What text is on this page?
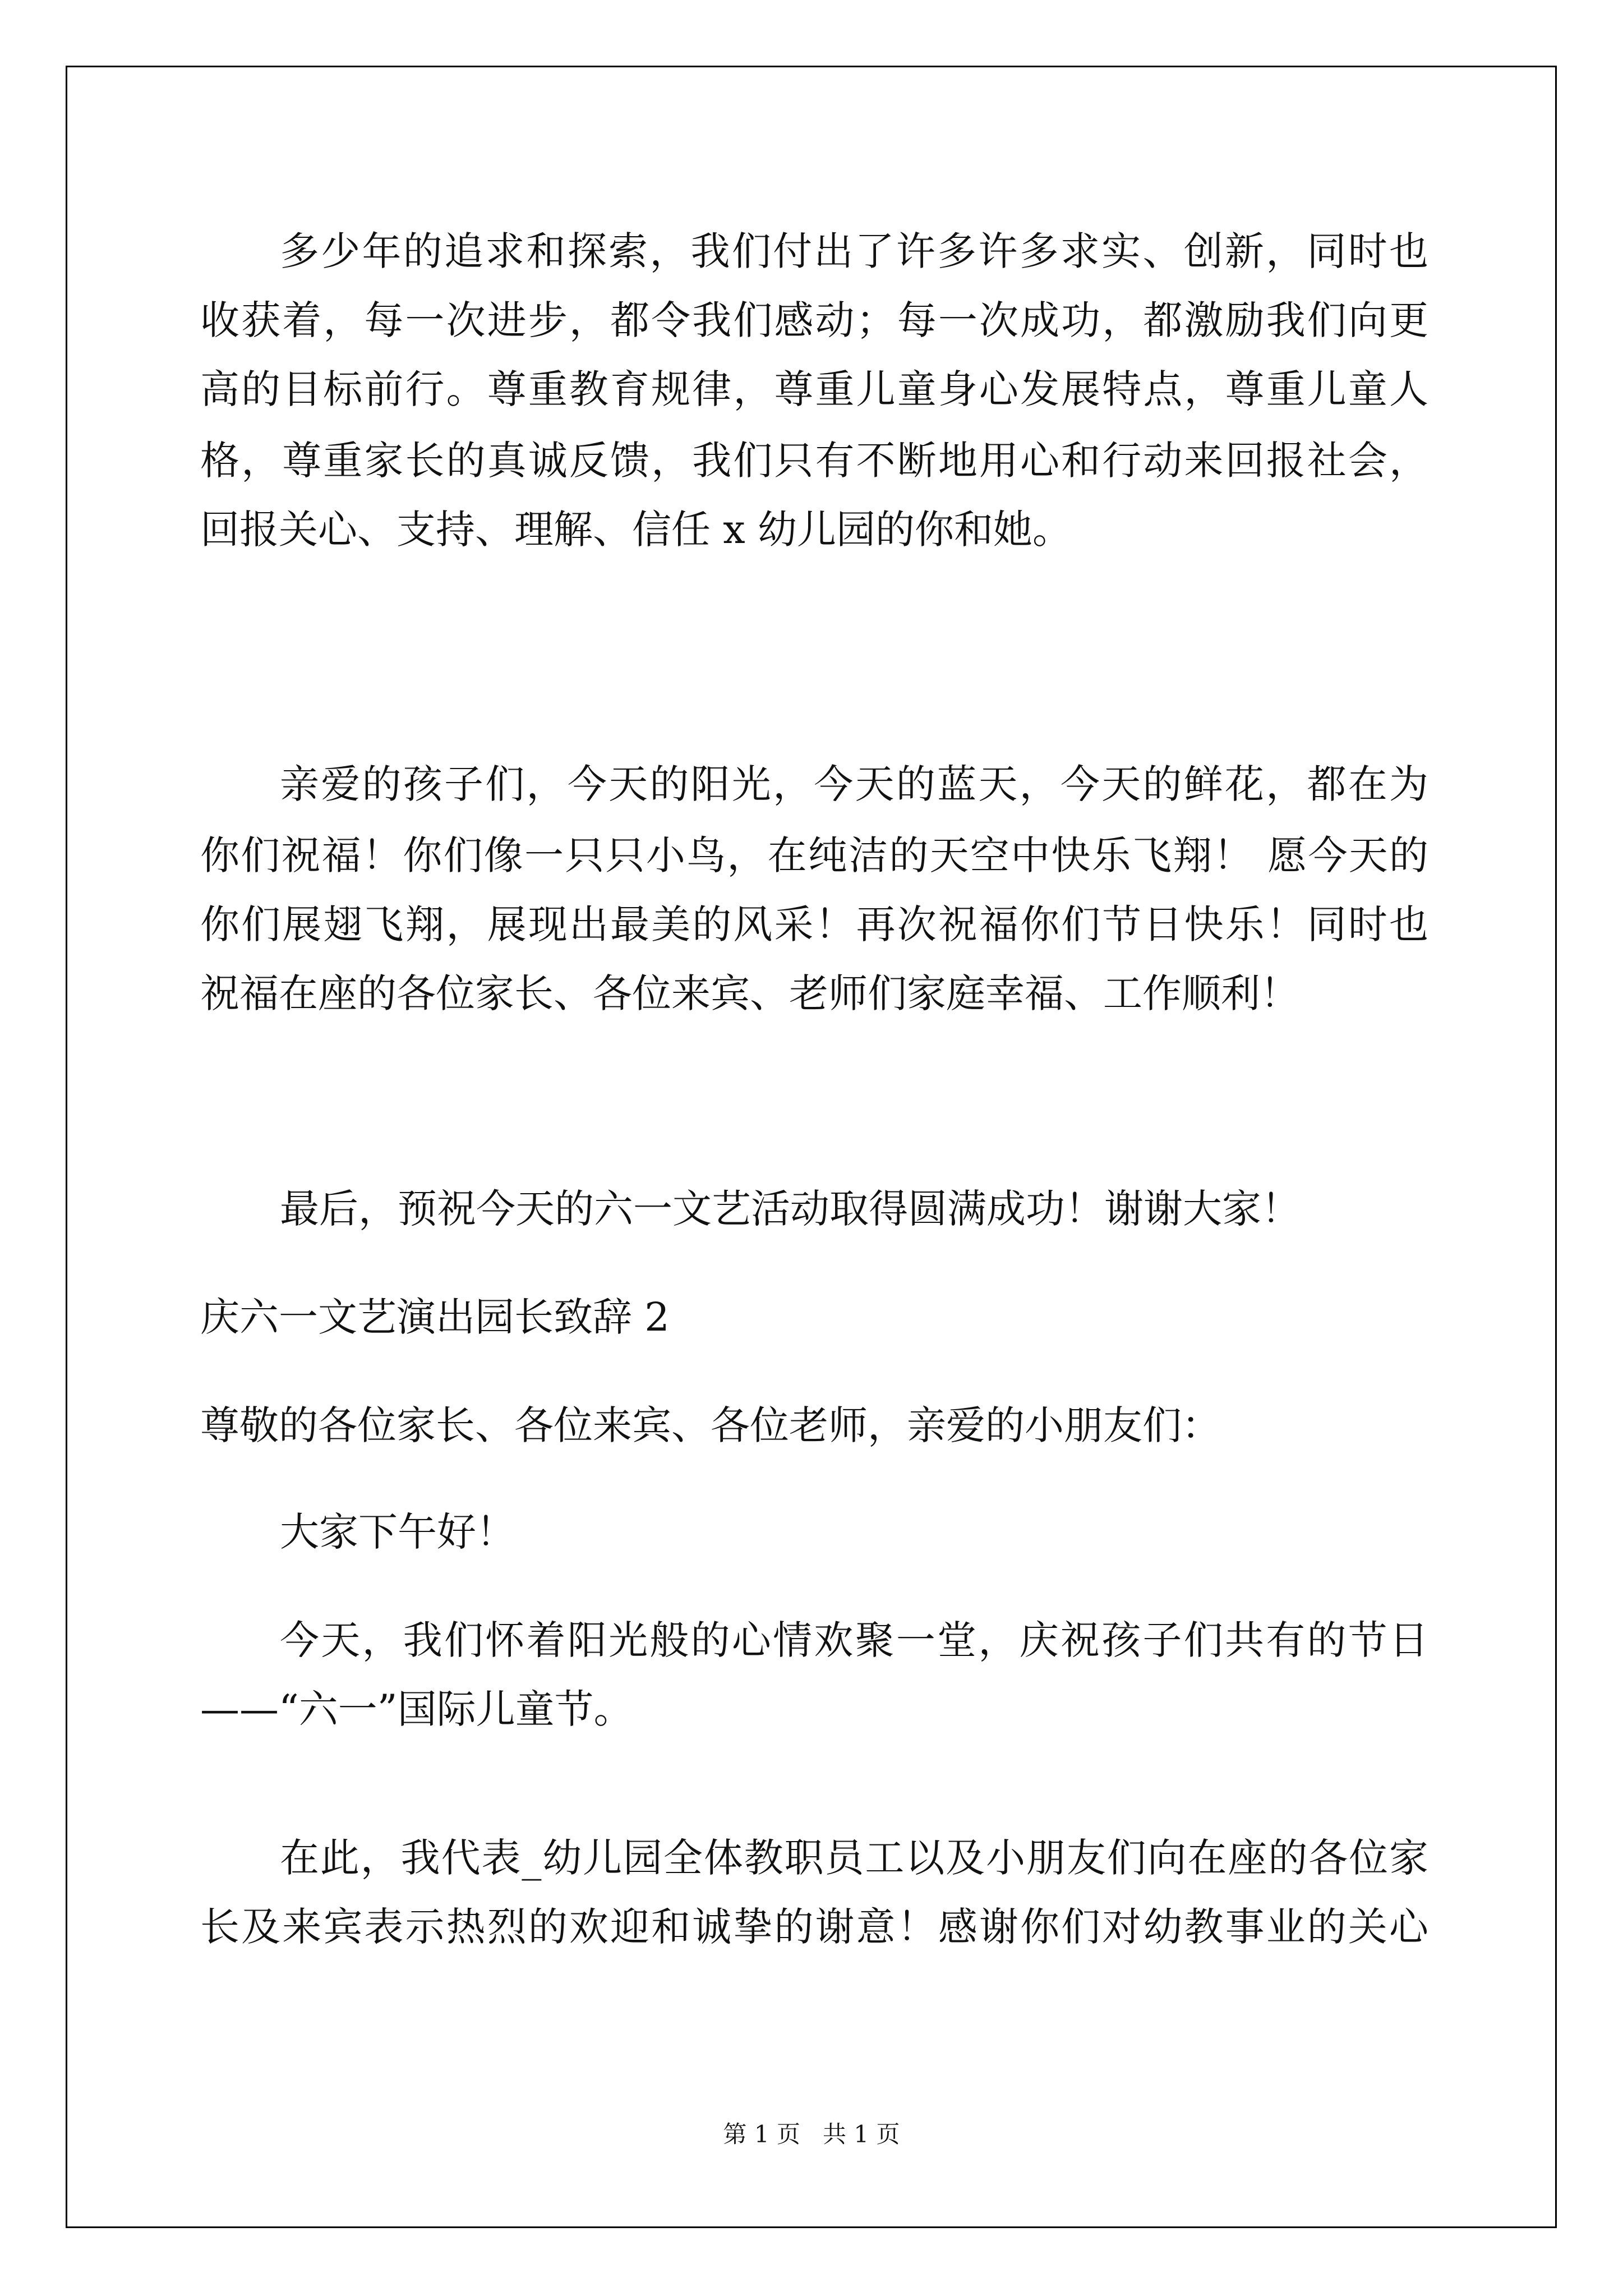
多少年的追求和探索，我们付出了许多许多求实、创新，同时也
收获着，每一次进步，都令我们感动；每一次成功，都激励我们向更
高的目标前行。尊重教育规律，尊重儿童身心发展特点，尊重儿童人
格，尊重家长的真诚反馈，我们只有不断地用心和行动来回报社会，
回报关心、支持、理解、信任 x 幼儿园的你和她。
亲爱的孩子们，今天的阳光，今天的蓝天，今天的鲜花，都在为
你们祝福！你们像一只只小鸟，在纯洁的天空中快乐飞翔！ 愿今天的
你们展翅飞翔，展现出最美的风采！再次祝福你们节日快乐！同时也
祝福在座的各位家长、各位来宾、老师们家庭幸福、工作顺利！
最后，预祝今天的六一文艺活动取得圆满成功！谢谢大家！
庆六一文艺演出园长致辞 2
尊敬的各位家长、各位来宾、各位老师，亲爱的小朋友们：
大家下午好！
今天，我们怀着阳光般的心情欢聚一堂，庆祝孩子们共有的节日
——“六一”国际儿童节。
在此，我代表_幼儿园全体教职员工以及小朋友们向在座的各位家
长及来宾表示热烈的欢迎和诚挚的谢意！感谢你们对幼教事业的关心
第 1 页   共 1 页
